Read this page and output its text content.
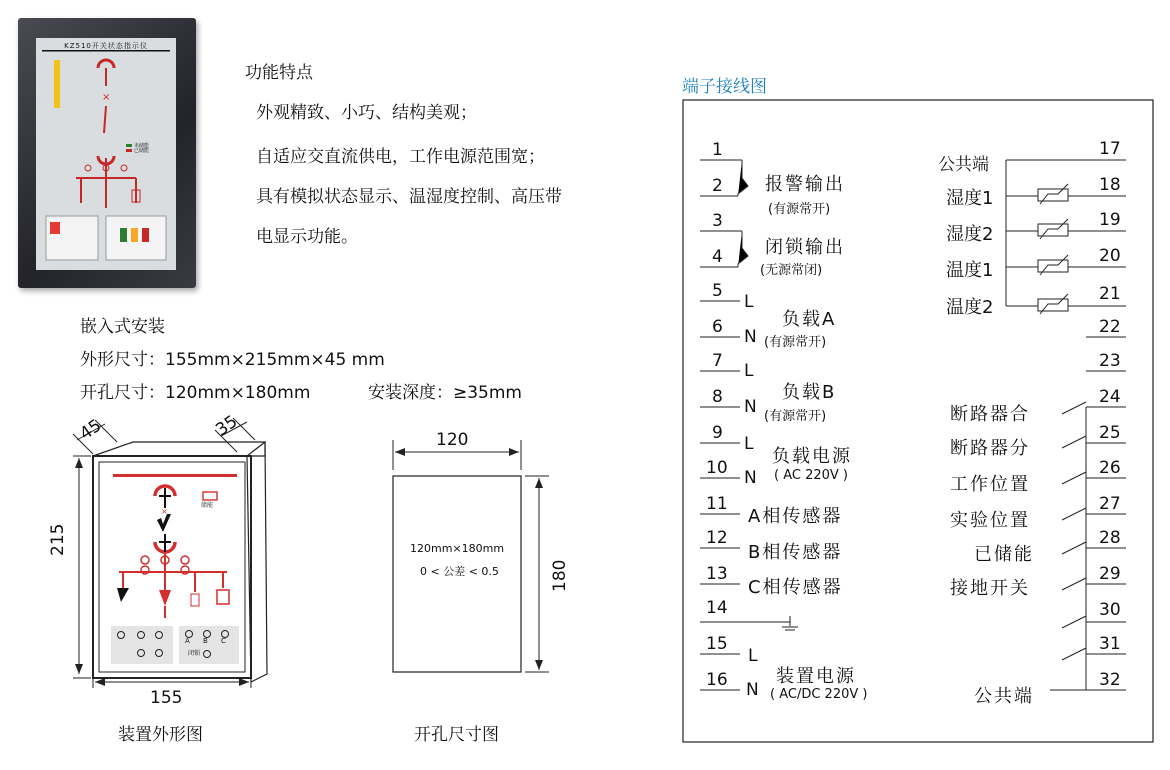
KZ510开关状态指示仪
×
未储能
已储能
功能特点
外观精致、小巧、结构美观；
自适应交直流供电，工作电源范围宽；
具有模拟状态显示、温湿度控制、高压带
电显示功能。
嵌入式安装
外形尺寸：155mm×215mm×45 mm
开孔尺寸：120mm×180mm	安装深度：≥35mm
×
45	35
215
155
储能
闭锁
A B C
装置外形图
120
180
120mm×180mm
0 < 公差 < 0.5
开孔尺寸图
端子接线图
1
2
3
4
5
6
7
8
9
10
11
12
13
14
15
16
L
N
L
N
L
N
L
N
报警输出
(有源常开)
闭锁输出
(无源常闭)
负载A
(有源常开)
负载B
(有源常开)
负载电源
( AC 220V )
A相传感器
B相传感器
C相传感器
装置电源
( AC/DC 220V )
17
18
19
20
21
22
23
24
25
26
27
28
29
30
31
32
公共端
湿度1
湿度2
温度1
温度2
断路器合
断路器分
工作位置
实验位置
已储能
接地开关
公共端
